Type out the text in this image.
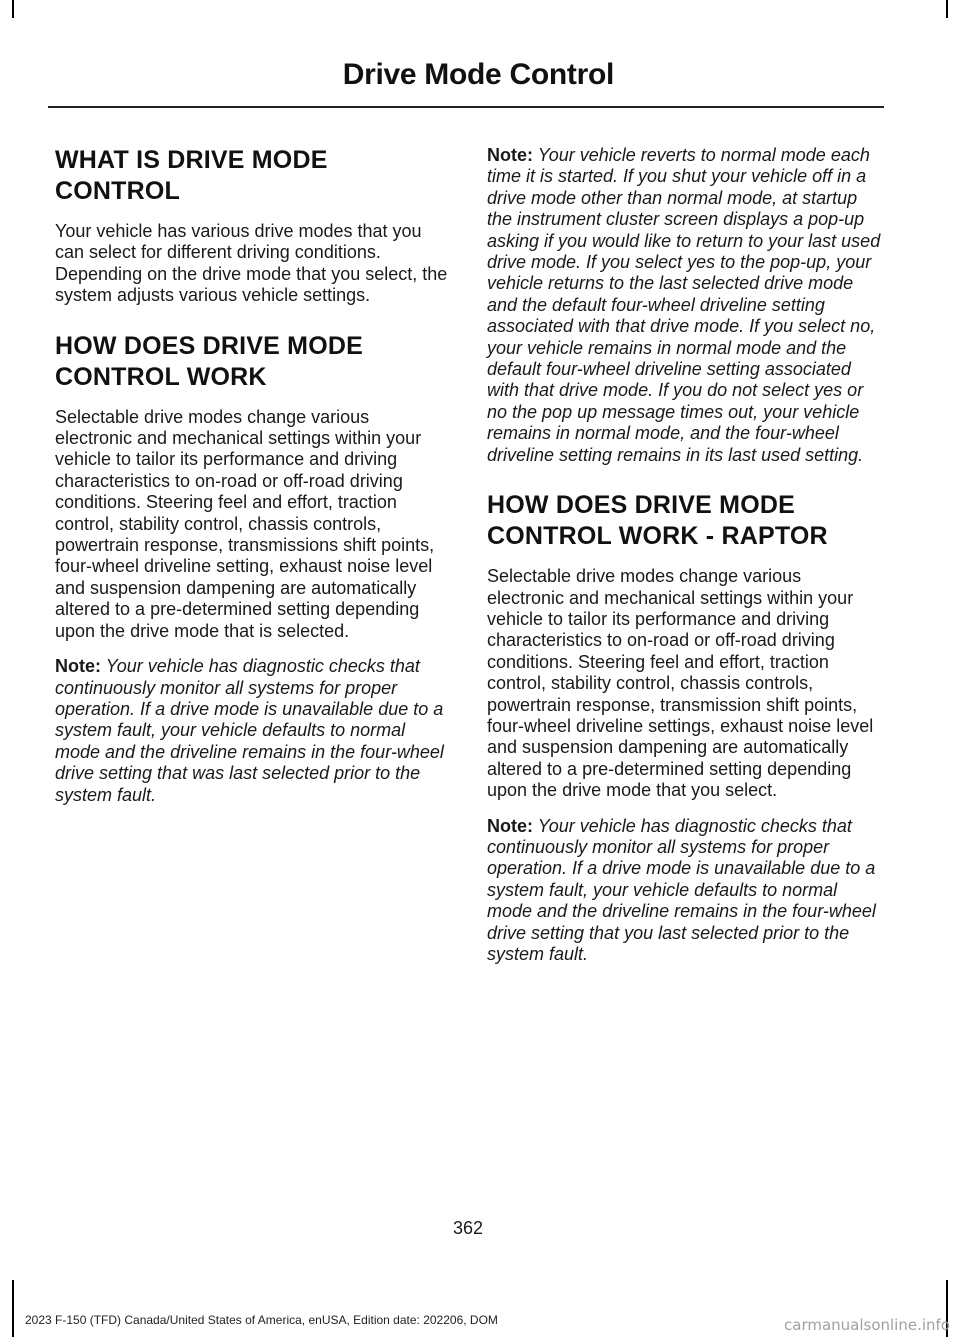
Drive Mode Control
WHAT IS DRIVE MODE
CONTROL

Your vehicle has various drive modes that you can select for different driving conditions. Depending on the drive mode that you select, the system adjusts various vehicle settings.

HOW DOES DRIVE MODE
CONTROL WORK

Selectable drive modes change various electronic and mechanical settings within your vehicle to tailor its performance and driving characteristics to on-road or off-road driving conditions. Steering feel and effort, traction control, stability control, chassis controls, powertrain response, transmissions shift points, four-wheel driveline setting, exhaust noise level and suspension dampening are automatically altered to a pre-determined setting depending upon the drive mode that is selected.

Note: Your vehicle has diagnostic checks that continuously monitor all systems for proper operation. If a drive mode is unavailable due to a system fault, your vehicle defaults to normal mode and the driveline remains in the four-wheel drive setting that was last selected prior to the system fault.

Note: Your vehicle reverts to normal mode each time it is started. If you shut your vehicle off in a drive mode other than normal mode, at startup the instrument cluster screen displays a pop-up asking if you would like to return to your last used drive mode. If you select yes to the pop-up, your vehicle returns to the last selected drive mode and the default four-wheel driveline setting associated with that drive mode. If you select no, your vehicle remains in normal mode and the default four-wheel driveline setting associated with that drive mode. If you do not select yes or no the pop up message times out, your vehicle remains in normal mode, and the four-wheel driveline setting remains in its last used setting.

HOW DOES DRIVE MODE
CONTROL WORK - RAPTOR

Selectable drive modes change various electronic and mechanical settings within your vehicle to tailor its performance and driving characteristics to on-road or off-road driving conditions. Steering feel and effort, traction control, stability control, chassis controls, powertrain response, transmission shift points, four-wheel driveline settings, exhaust noise level and suspension dampening are automatically altered to a pre-determined setting depending upon the drive mode that you select.

Note: Your vehicle has diagnostic checks that continuously monitor all systems for proper operation. If a drive mode is unavailable due to a system fault, your vehicle defaults to normal mode and the driveline remains in the four-wheel drive setting that you last selected prior to the system fault.

362
2023 F-150 (TFD) Canada/United States of America, enUSA, Edition date: 202206, DOM	carmanualsonline.info
